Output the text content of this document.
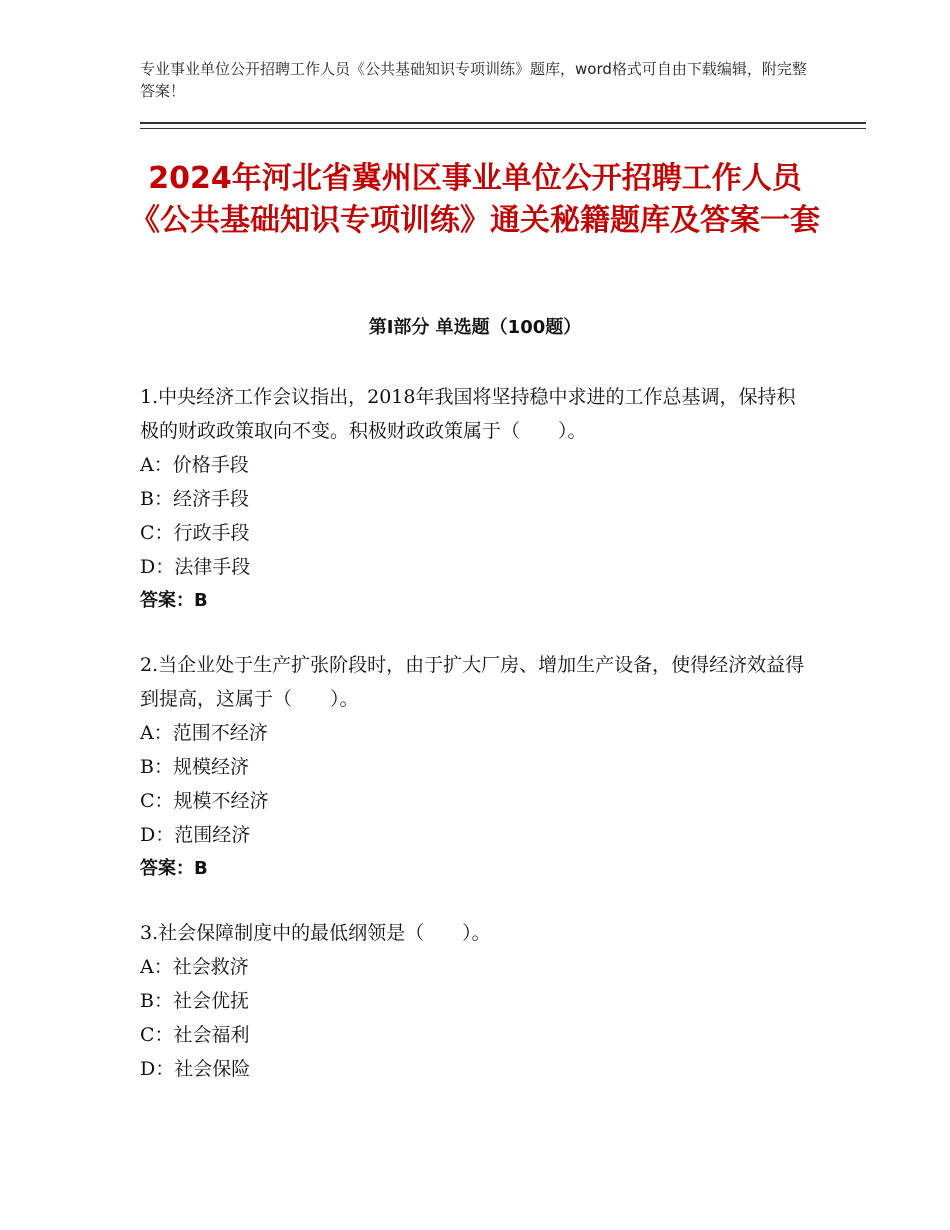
专业事业单位公开招聘工作人员《公共基础知识专项训练》题库，word格式可自由下载编辑，附完整答案！
2024年河北省冀州区事业单位公开招聘工作人员《公共基础知识专项训练》通关秘籍题库及答案一套
第Ⅰ部分 单选题（100题）

1.中央经济工作会议指出，2018年我国将坚持稳中求进的工作总基调，保持积极的财政政策取向不变。积极财政政策属于（　　）。

A：价格手段

B：经济手段

C：行政手段

D：法律手段

答案：B

2.当企业处于生产扩张阶段时，由于扩大厂房、增加生产设备，使得经济效益得到提高，这属于（　　）。

A：范围不经济

B：规模经济

C：规模不经济

D：范围经济

答案：B

3.社会保障制度中的最低纲领是（　　）。

A：社会救济

B：社会优抚

C：社会福利

D：社会保险
